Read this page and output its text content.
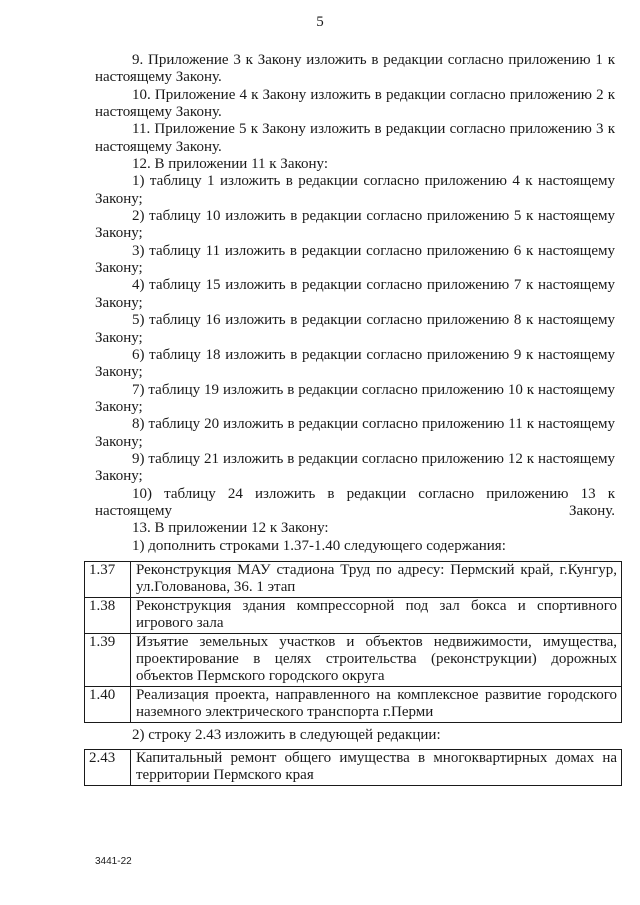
5

9. Приложение 3 к Закону изложить в редакции согласно приложению 1 к настоящему Закону.

10. Приложение 4 к Закону изложить в редакции согласно приложению 2 к настоящему Закону.

11. Приложение 5 к Закону изложить в редакции согласно приложению 3 к настоящему Закону.

12. В приложении 11 к Закону:

1) таблицу 1 изложить в редакции согласно приложению 4 к настоящему Закону;

2) таблицу 10 изложить в редакции согласно приложению 5 к настоящему Закону;

3) таблицу 11 изложить в редакции согласно приложению 6 к настоящему Закону;

4) таблицу 15 изложить в редакции согласно приложению 7 к настоящему Закону;

5) таблицу 16 изложить в редакции согласно приложению 8 к настоящему Закону;

6) таблицу 18 изложить в редакции согласно приложению 9 к настоящему Закону;

7) таблицу 19 изложить в редакции согласно приложению 10 к настоящему Закону;

8) таблицу 20 изложить в редакции согласно приложению 11 к настоящему Закону;

9) таблицу 21 изложить в редакции согласно приложению 12 к настоящему Закону;

10) таблицу 24 изложить в редакции согласно приложению 13 к настоящему Закону.

13. В приложении 12 к Закону:

1) дополнить строками 1.37-1.40 следующего содержания:

1.37	Реконструкция МАУ стадиона Труд по адресу: Пермский край, г.Кунгур, ул.Голованова, 36. 1 этап
1.38	Реконструкция здания компрессорной под зал бокса и спортивного игрового зала
1.39	Изъятие земельных участков и объектов недвижимости, имущества, проектирование в целях строительства (реконструкции) дорожных объектов Пермского городского округа
1.40	Реализация проекта, направленного на комплексное развитие городского наземного электрического транспорта г.Перми

2) строку 2.43 изложить в следующей редакции:

2.43	Капитальный ремонт общего имущества в многоквартирных домах на территории Пермского края
3441-22
